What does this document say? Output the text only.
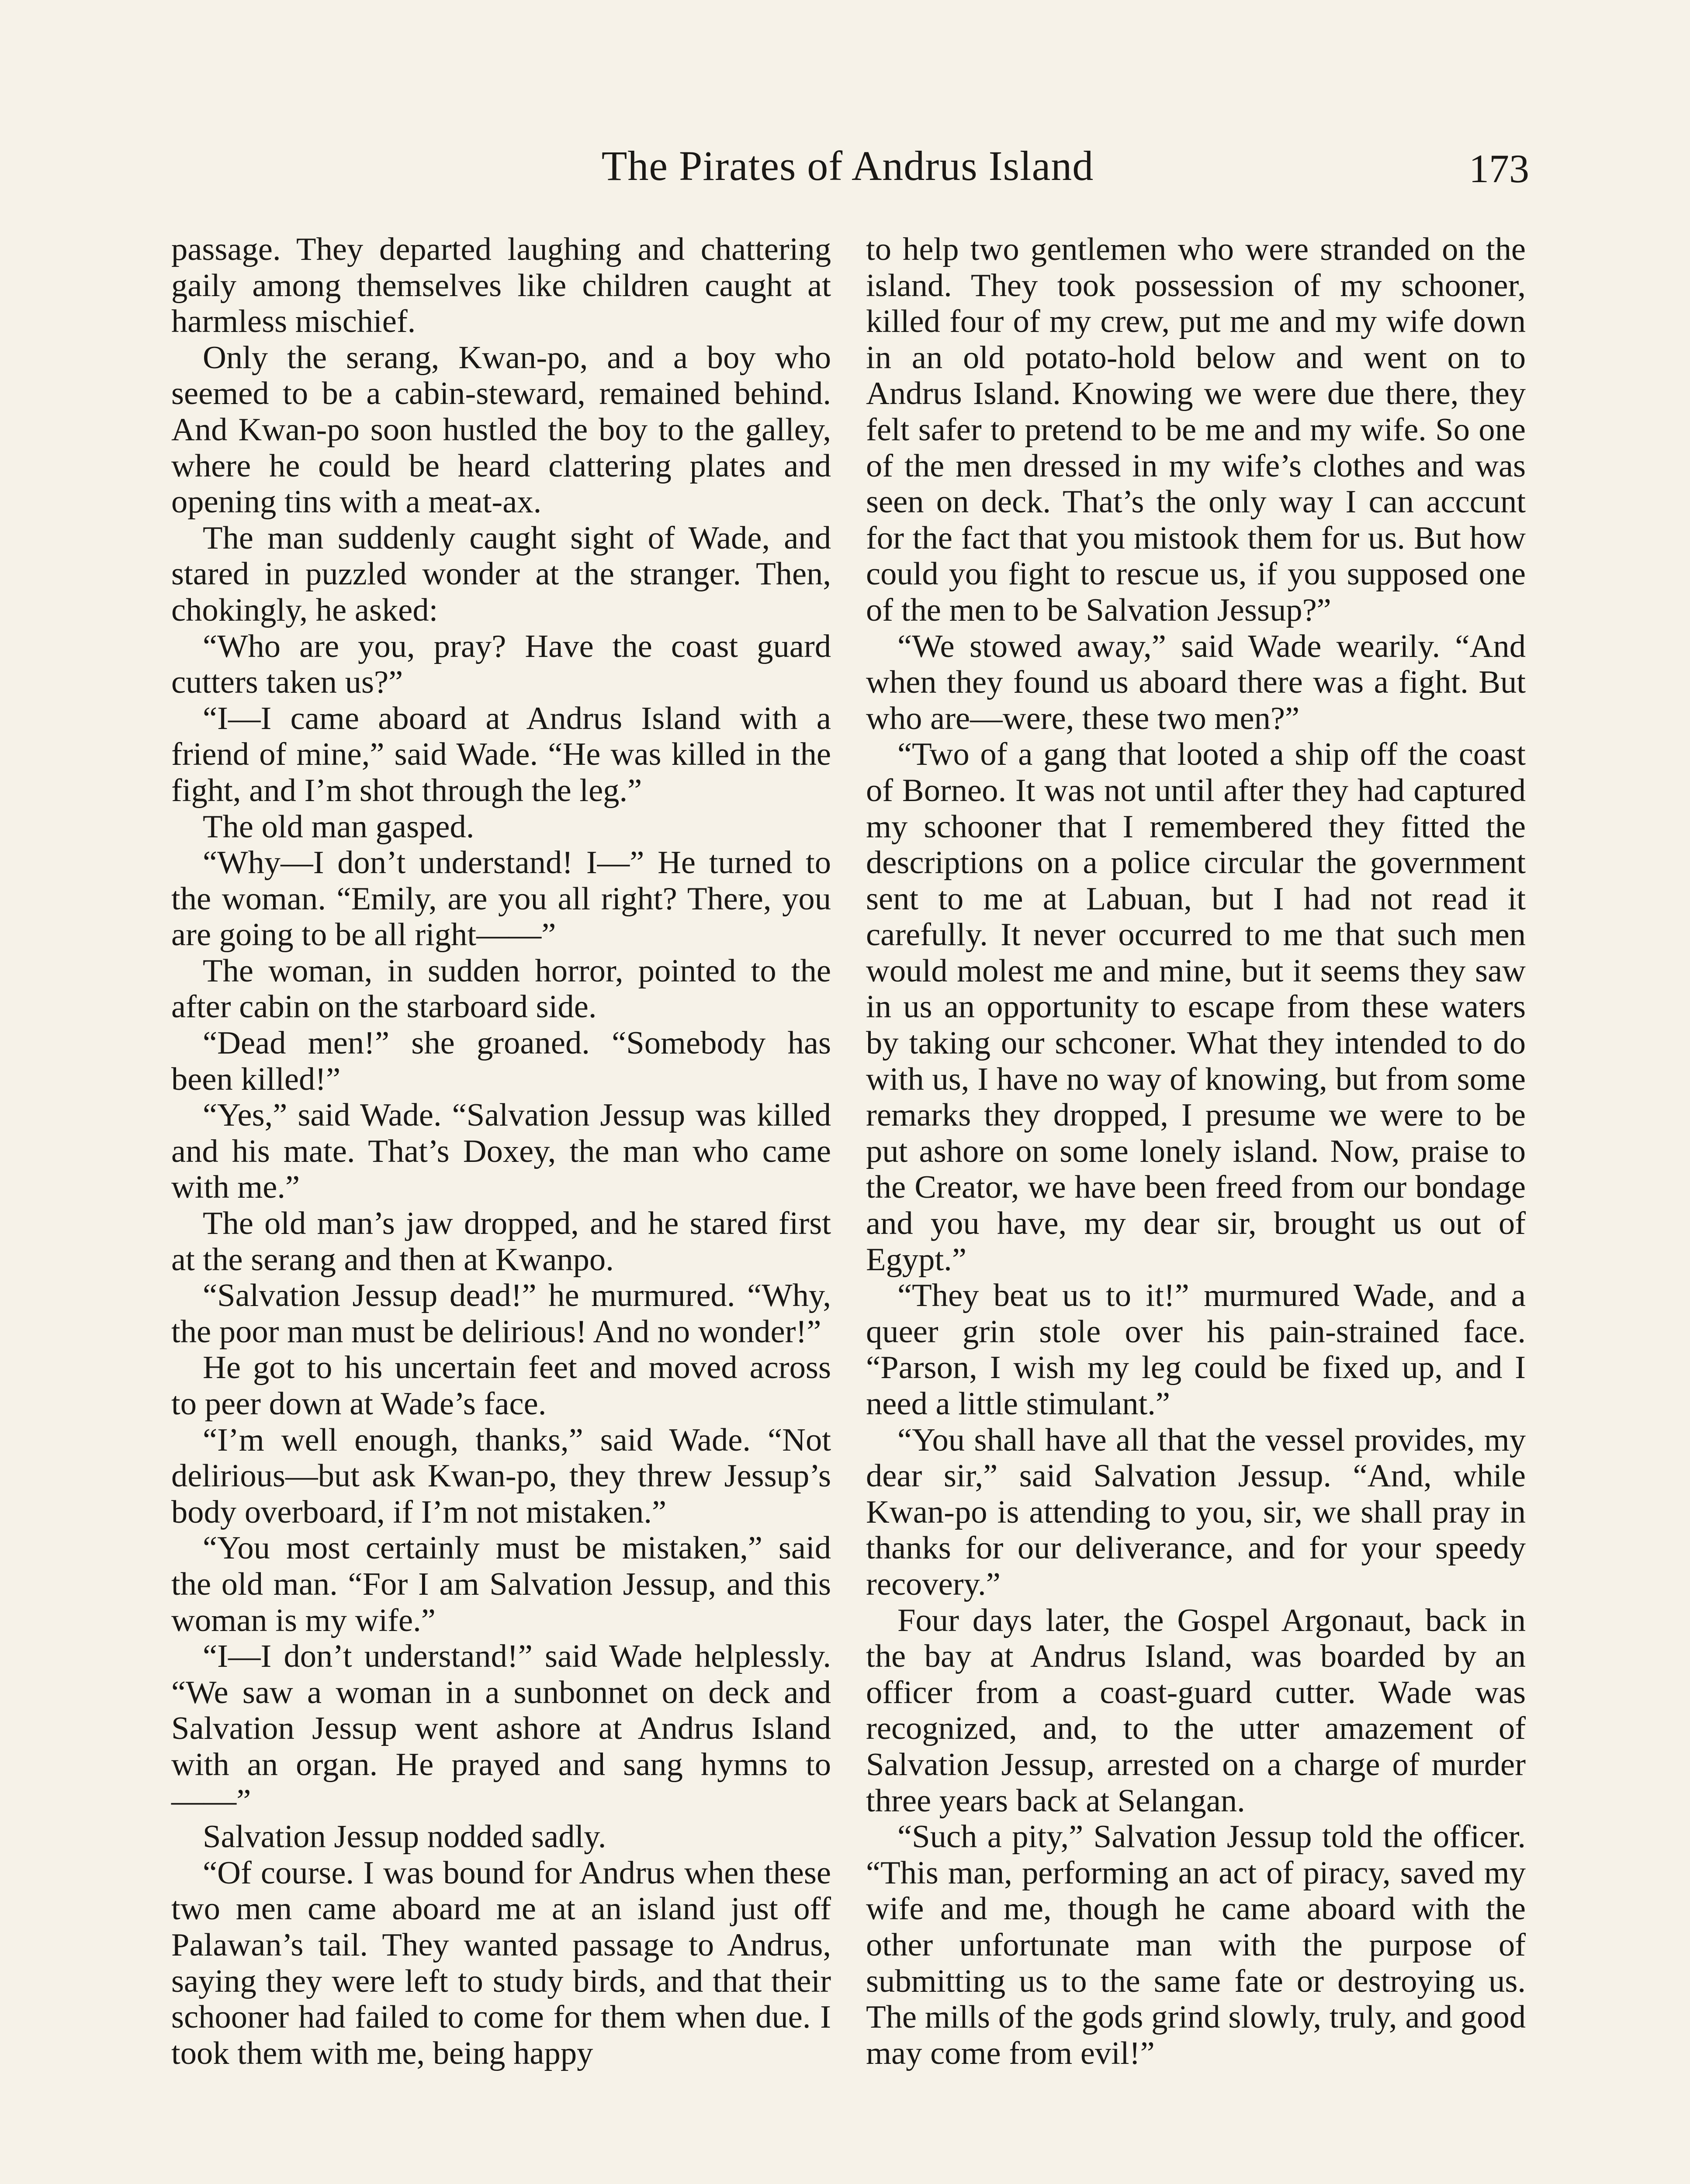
The Pirates of Andrus Island	173

passage. They departed laughing and chattering gaily among themselves like children caught at harmless mischief.

Only the serang, Kwan-po, and a boy who seemed to be a cabin-steward, remained behind. And Kwan-po soon hustled the boy to the galley, where he could be heard clattering plates and opening tins with a meat-ax.

The man suddenly caught sight of Wade, and stared in puzzled wonder at the stranger. Then, chokingly, he asked:

“Who are you, pray? Have the coast guard cutters taken us?”

“I—I came aboard at Andrus Island with a friend of mine,” said Wade. “He was killed in the fight, and I’m shot through the leg.”

The old man gasped.

“Why—I don’t understand! I—” He turned to the woman. “Emily, are you all right? There, you are going to be all right——”

The woman, in sudden horror, pointed to the after cabin on the starboard side.

“Dead men!” she groaned. “Somebody has been killed!”

“Yes,” said Wade. “Salvation Jessup was killed and his mate. That’s Doxey, the man who came with me.”

The old man’s jaw dropped, and he stared first at the serang and then at Kwanpo.

“Salvation Jessup dead!” he murmured. “Why, the poor man must be delirious! And no wonder!”

He got to his uncertain feet and moved across to peer down at Wade’s face.

“I’m well enough, thanks,” said Wade. “Not delirious—but ask Kwan-po, they threw Jessup’s body overboard, if I’m not mistaken.”

“You most certainly must be mistaken,” said the old man. “For I am Salvation Jessup, and this woman is my wife.”

“I—I don’t understand!” said Wade helplessly. “We saw a woman in a sunbonnet on deck and Salvation Jessup went ashore at Andrus Island with an organ. He prayed and sang hymns to——”

Salvation Jessup nodded sadly.

“Of course. I was bound for Andrus when these two men came aboard me at an island just off Palawan’s tail. They wanted passage to Andrus, saying they were left to study birds, and that their schooner had failed to come for them when due. I took them with me, being happy

to help two gentlemen who were stranded on the island. They took possession of my schooner, killed four of my crew, put me and my wife down in an old potato-hold below and went on to Andrus Island. Knowing we were due there, they felt safer to pretend to be me and my wife. So one of the men dressed in my wife’s clothes and was seen on deck. That’s the only way I can acccunt for the fact that you mistook them for us. But how could you fight to rescue us, if you supposed one of the men to be Salvation Jessup?”

“We stowed away,” said Wade wearily. “And when they found us aboard there was a fight. But who are—were, these two men?”

“Two of a gang that looted a ship off the coast of Borneo. It was not until after they had captured my schooner that I remembered they fitted the descriptions on a police circular the government sent to me at Labuan, but I had not read it carefully. It never occurred to me that such men would molest me and mine, but it seems they saw in us an opportunity to escape from these waters by taking our schconer. What they intended to do with us, I have no way of knowing, but from some remarks they dropped, I presume we were to be put ashore on some lonely island. Now, praise to the Creator, we have been freed from our bondage and you have, my dear sir, brought us out of Egypt.”

“They beat us to it!” murmured Wade, and a queer grin stole over his pain-strained face. “Parson, I wish my leg could be fixed up, and I need a little stimulant.”

“You shall have all that the vessel provides, my dear sir,” said Salvation Jessup. “And, while Kwan-po is attending to you, sir, we shall pray in thanks for our deliverance, and for your speedy recovery.”

Four days later, the Gospel Argonaut, back in the bay at Andrus Island, was boarded by an officer from a coast-guard cutter. Wade was recognized, and, to the utter amazement of Salvation Jessup, arrested on a charge of murder three years back at Selangan.

“Such a pity,” Salvation Jessup told the officer. “This man, performing an act of piracy, saved my wife and me, though he came aboard with the other unfortunate man with the purpose of submitting us to the same fate or destroying us. The mills of the gods grind slowly, truly, and good may come from evil!”
